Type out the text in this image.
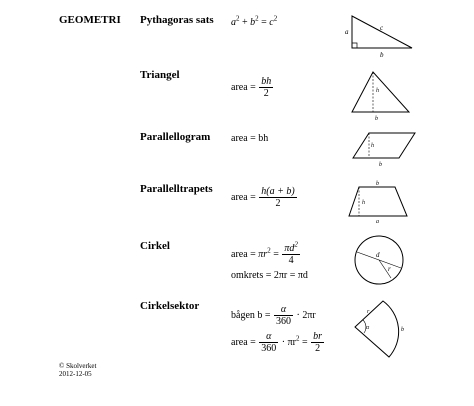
GEOMETRI Pythagoras sats $a^2 + b^2 = c^2$
a
b
c
Triangel
area = $\frac{bh}{2}$	h
b
Parallellogram area = bh
h
b
Parallelltrapets
area = $\frac{h(a + b)}{2}$
b
h
a
Cirkel
area = $\pi r^2 = \frac{\pi d^2}{4}$
omkrets = 2πr = πd
d
r
Cirkelsektor
bågen $b = \frac{\alpha}{360} \cdot 2\pi r$
area = $\frac{\alpha}{360} \cdot \pi r^2 = \frac{br}{2}$
r
α	b
© Skolverket
2012-12-05
